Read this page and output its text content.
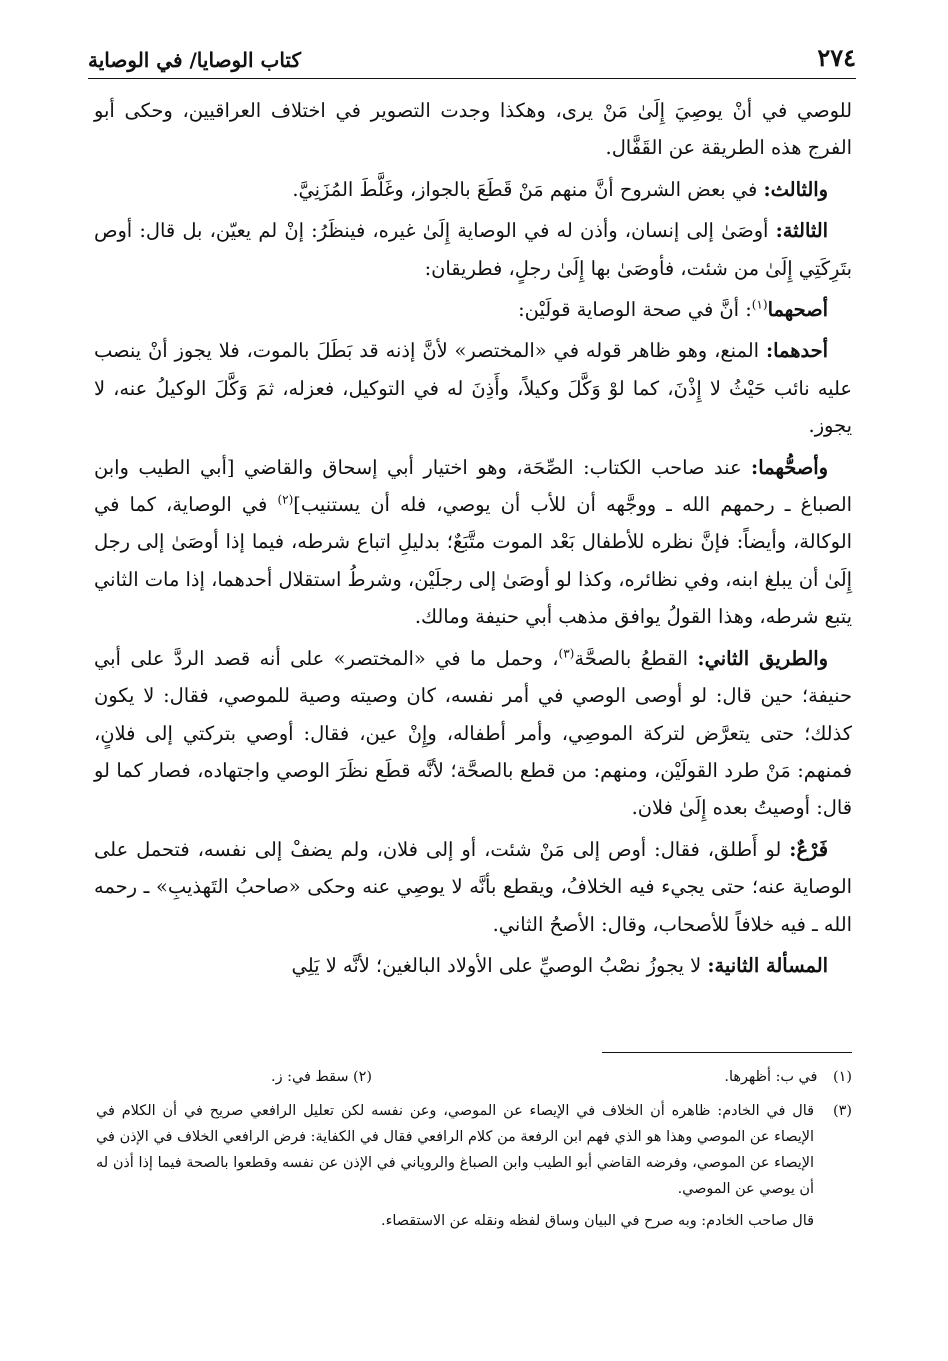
٢٧٤
كتاب الوصايا/ في الوصاية

للوصي في أنْ يوصِيَ إِلَىٰ مَنْ يرى، وهكذا وجدت التصوير في اختلاف العراقيين، وحكى أبو الفرج هذه الطريقة عن القَفَّال.

والثالث: في بعض الشروح أنَّ منهم مَنْ قَطَعَ بالجواز، وغَلَّطَ المُزَنِيَّ.

الثالثة: أوصَىٰ إلى إنسان، وأذن له في الوصاية إِلَىٰ غيره، فينظَرُ: إنْ لم يعيّن، بل قال: أوص بتَرِكَتِي إِلَىٰ من شئت، فأوصَىٰ بها إِلَىٰ رجلٍ، فطريقان:

أصحهما$^{(١)}$: أنَّ في صحة الوصاية قولَيْن:

أحدهما: المنع، وهو ظاهر قوله في «المختصر» لأنَّ إذنه قد بَطَلَ بالموت، فلا يجوز أنْ ينصب عليه نائب حَيْثُ لا إِذْنَ، كما لوْ وَكَّلَ وكيلاً، وأَذِنَ له في التوكيل، فعزله، ثمَ وَكَّلَ الوكيلُ عنه، لا يجوز.

وأصحُّهما: عند صاحب الكتاب: الصِّحَة، وهو اختيار أبي إسحاق والقاضي [أبي الطيب وابن الصباغ ـ رحمهم الله ـ ووجَّهه أن للأب أن يوصي، فله أن يستنيب]$^{(٢)}$ في الوصاية، كما في الوكالة، وأيضاً: فإنَّ نظره للأطفال بَعْد الموت متَّبَعٌ؛ بدليلِ اتباع شرطه، فيما إذا أوصَىٰ إلى رجل إِلَىٰ أن يبلغ ابنه، وفي نظائره، وكذا لو أوصَىٰ إلى رجلَيْن، وشرطُ استقلال أحدهما، إذا مات الثاني يتبع شرطه، وهذا القولُ يوافق مذهب أبي حنيفة ومالك.

والطريق الثاني: القطعُ بالصحَّة$^{(٣)}$، وحمل ما في «المختصر» على أنه قصد الردَّ على أبي حنيفة؛ حين قال: لو أوصى الوصي في أمر نفسه، كان وصيته وصية للموصي، فقال: لا يكون كذلك؛ حتى يتعرَّض لتركة الموصِي، وأمر أطفاله، وإِنْ عين، فقال: أوصي بتركتي إلى فلانٍ، فمنهم: مَنْ طرد القولَيْن، ومنهم: من قطع بالصحَّة؛ لأنَّه قطَع نظَرَ الوصي واجتهاده، فصار كما لو قال: أوصيتُ بعده إِلَىٰ فلان.

فَرْعٌ: لو أَطلق، فقال: أوص إلى مَنْ شئت، أو إلى فلان، ولم يضفْ إلى نفسه، فتحمل على الوصاية عنه؛ حتى يجيء فيه الخلافُ، ويقطع بأنَّه لا يوصِي عنه وحكى «صاحبُ التَهذيبِ» ـ رحمه الله ـ فيه خلافاً للأصحاب، وقال: الأصحُ الثاني.

المسألة الثانية: لا يجوزُ نصْبُ الوصيِّ على الأولاد البالغين؛ لأنَّه لا يَلِي

(١) في ب: أظهرها.
(٢) سقط في: ز.
(٣)
قال في الخادم: ظاهره أن الخلاف في الإيصاء عن الموصي، وعن نفسه لكن تعليل الرافعي صريح في أن الكلام في الإيصاء عن الموصي وهذا هو الذي فهم ابن الرفعة من كلام الرافعي فقال في الكفاية: فرض الرافعي الخلاف في الإذن في الإيصاء عن الموصي، وفرضه القاضي أبو الطيب وابن الصباغ والروياني في الإذن عن نفسه وقطعوا بالصحة فيما إذا أذن له أن يوصي عن الموصي.
قال صاحب الخادم: وبه صرح في البيان وساق لفظه ونقله عن الاستقصاء.
